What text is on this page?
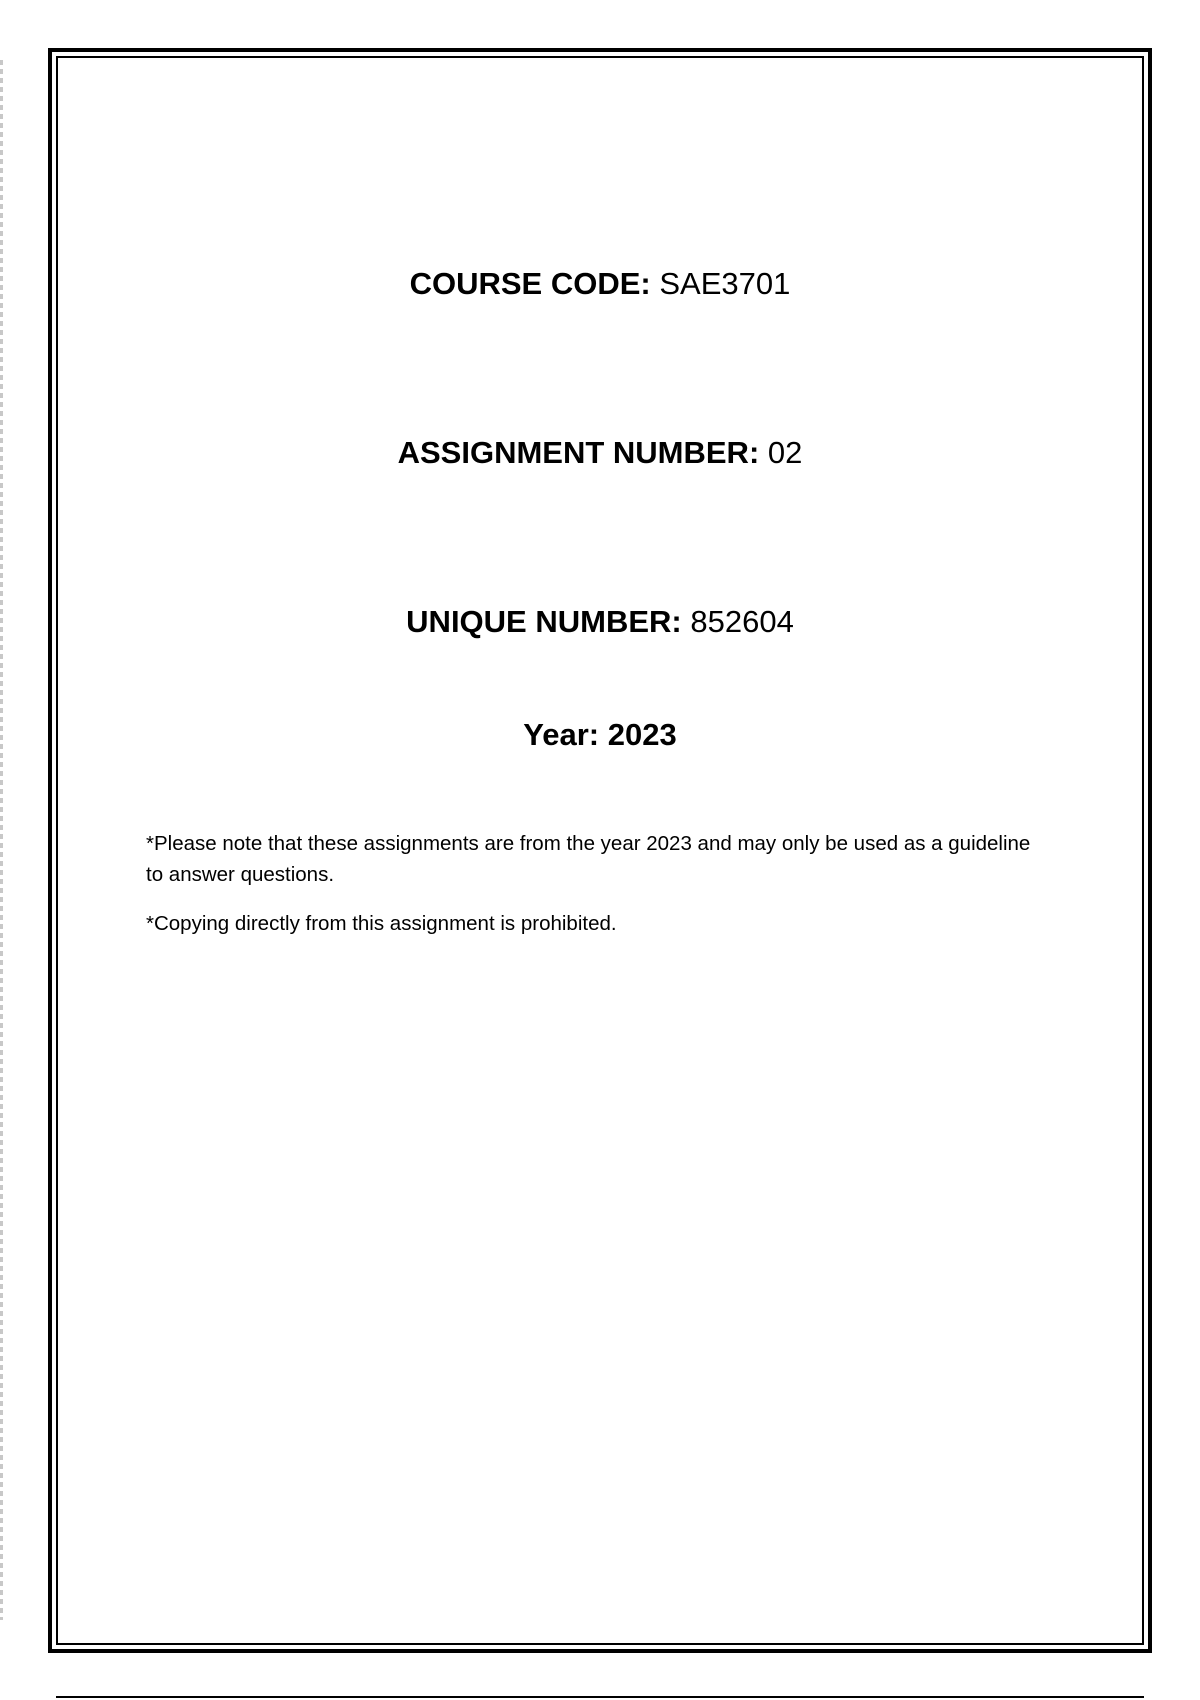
COURSE CODE: SAE3701
ASSIGNMENT NUMBER: 02
UNIQUE NUMBER: 852604
Year: 2023
*Please note that these assignments are from the year 2023 and may only be used as a guideline to answer questions.
*Copying directly from this assignment is prohibited.
